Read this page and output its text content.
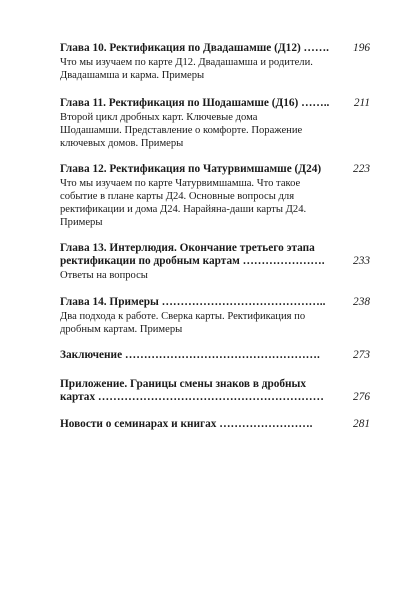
Глава 10. Ректификация по Двадашамше (Д12) ……. 196
Что мы изучаем по карте Д12. Двадашамша и родители.
Двадашамша и карма. Примеры
Глава 11. Ректификация по Шодашамше (Д16) …….. 211
Второй цикл дробных карт. Ключевые дома
Шодашамши. Представление о комфорте. Поражение
ключевых домов. Примеры
Глава 12. Ректификация по Чатурвимшамше (Д24)	223
Что мы изучаем по карте Чатурвимшамша. Что такое
событие в плане карты Д24. Основные вопросы для
ректификации и дома Д24. Нарайяна-даши карты Д24.
Примеры
Глава 13. Интерлюдия. Окончание третьего этапа
ректификации по дробным картам ………………….	233
Ответы на вопросы
Глава 14. Примеры …………………………………….. 238
Два подхода к работе. Сверка карты. Ректификация по
дробным картам. Примеры
Заключение …………………………………………….	273
Приложение. Границы смены знаков в дробных
картах ……………………………………………………	276
Новости о семинарах и книгах …………………….	281
